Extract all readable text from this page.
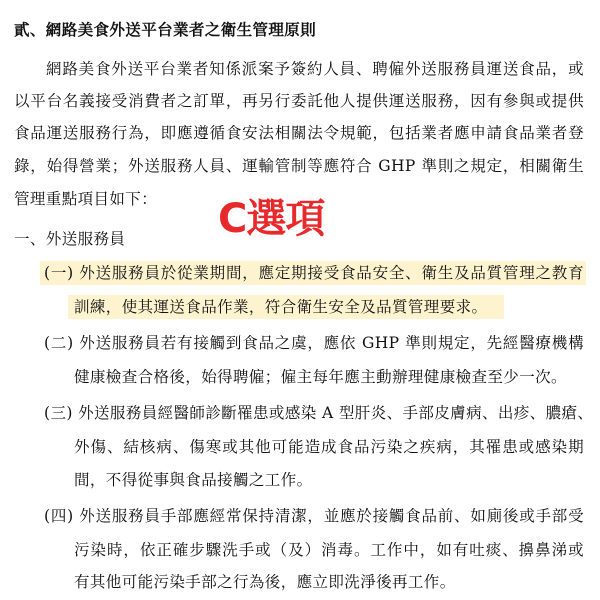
貳、網路美食外送平台業者之衛生管理原則
網路美食外送平台業者知係派案予簽約人員、聘僱外送服務員運送食品，或
以平台名義接受消費者之訂單，再另行委託他人提供運送服務，因有參與或提供
食品運送服務行為，即應遵循食安法相關法令規範，包括業者應申請食品業者登
錄，始得營業；外送服務人員、運輸管制等應符合 GHP 準則之規定，相關衛生
管理重點項目如下：
一、外送服務員 C選項
(一) 外送服務員於從業期間，應定期接受食品安全、衛生及品質管理之教育
訓練，使其運送食品作業，符合衛生安全及品質管理要求。
(二) 外送服務員若有接觸到食品之虞，應依 GHP 準則規定，先經醫療機構
健康檢查合格後，始得聘僱；僱主每年應主動辦理健康檢查至少一次。
(三) 外送服務員經醫師診斷罹患或感染 A 型肝炎、手部皮膚病、出疹、膿瘡、
外傷、結核病、傷寒或其他可能造成食品污染之疾病，其罹患或感染期
間，不得從事與食品接觸之工作。
(四) 外送服務員手部應經常保持清潔，並應於接觸食品前、如廁後或手部受
污染時，依正確步驟洗手或（及）消毒。工作中，如有吐痰、擤鼻涕或
有其他可能污染手部之行為後，應立即洗淨後再工作。
